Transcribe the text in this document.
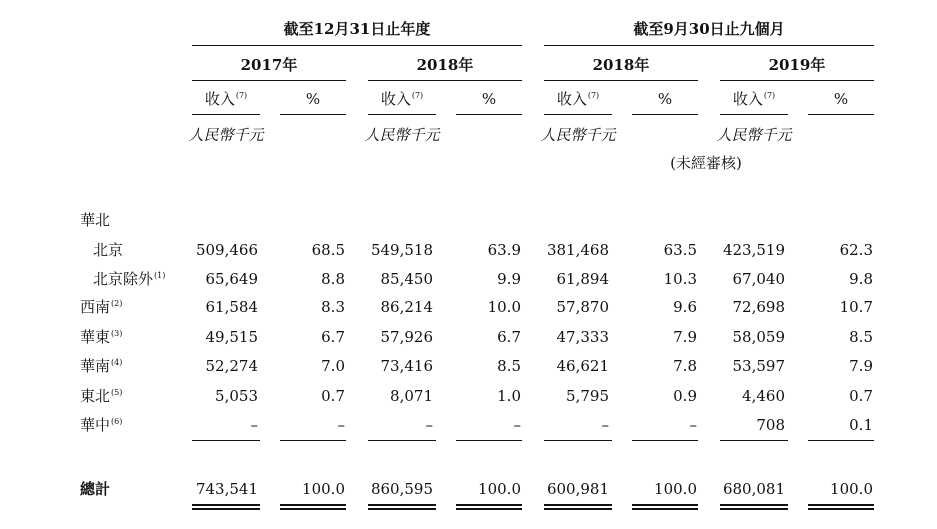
截至12月31日止年度	截至9月30日止九個月
2017年	2018年	2018年	2019年
收入$^{(7)}$	%	收入$^{(7)}$	%	收入$^{(7)}$	%	收入$^{(7)}$	%
人民幣千元	人民幣千元	人民幣千元	人民幣千元
(未經審核)
華北
北京	509,466	68.5	549,518	63.9	381,468	63.5	423,519	62.3
北京除外$^{(1)}$	65,649	8.8	85,450	9.9	61,894	10.3	67,040	9.8
西南$^{(2)}$	61,584	8.3	86,214	10.0	57,870	9.6	72,698	10.7
華東$^{(3)}$	49,515	6.7	57,926	6.7	47,333	7.9	58,059	8.5
華南$^{(4)}$	52,274	7.0	73,416	8.5	46,621	7.8	53,597	7.9
東北$^{(5)}$	5,053	0.7	8,071	1.0	5,795	0.9	4,460	0.7
華中$^{(6)}$	–	–	–	–	–	–	708	0.1
總計	743,541	100.0	860,595	100.0	600,981	100.0	680,081	100.0
